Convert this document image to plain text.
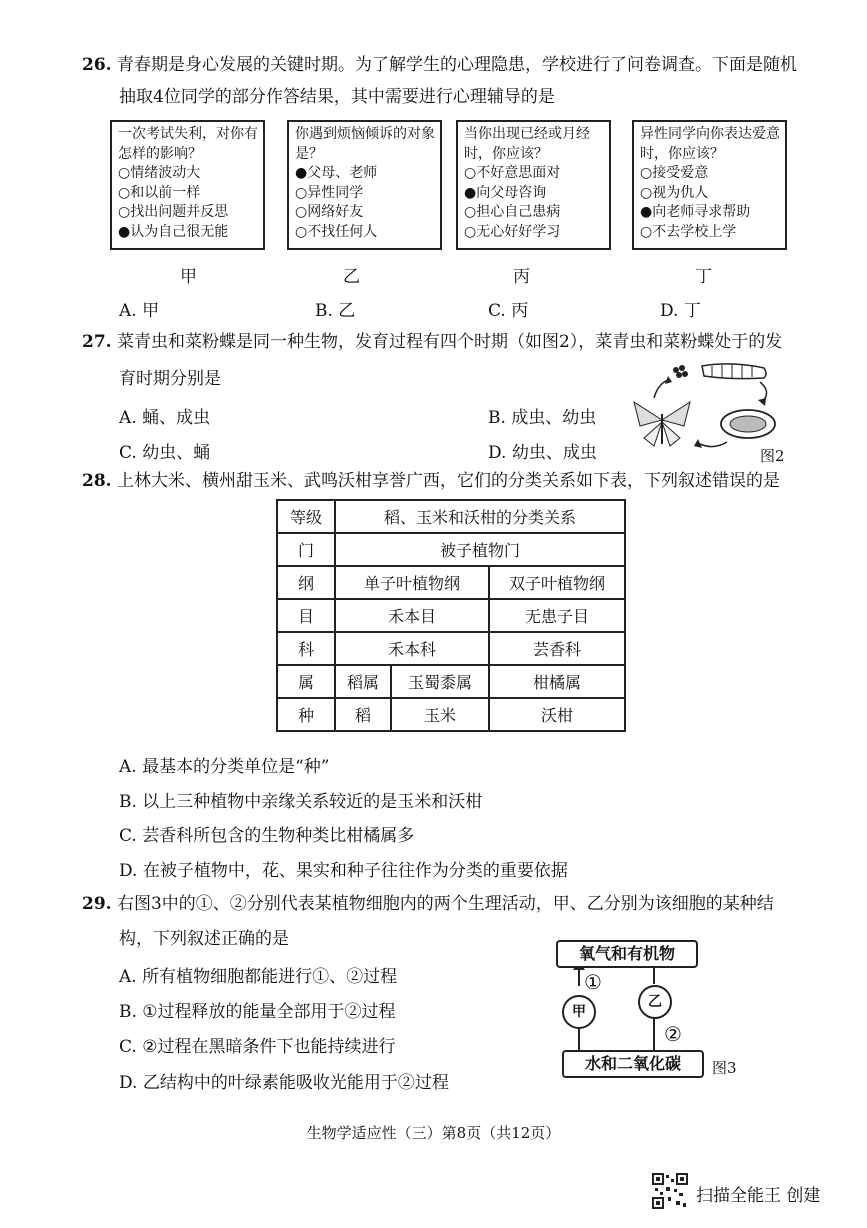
26. 青春期是身心发展的关键时期。为了解学生的心理隐患，学校进行了问卷调查。下面是随机
抽取4位同学的部分作答结果，其中需要进行心理辅导的是
一次考试失利，对你有
怎样的影响？
○情绪波动大
○和以前一样
○找出问题并反思
●认为自己很无能
你遇到烦恼倾诉的对象
是？
●父母、老师
○异性同学
○网络好友
○不找任何人
当你出现已经或月经
时，你应该？
○不好意思面对
●向父母咨询
○担心自己患病
○无心好好学习
异性同学向你表达爱意
时，你应该？
○接受爱意
○视为仇人
●向老师寻求帮助
○不去学校上学
甲	乙	丙	丁
A. 甲	B. 乙	C. 丙	D. 丁
27. 菜青虫和菜粉蝶是同一种生物，发育过程有四个时期（如图2），菜青虫和菜粉蝶处于的发
育时期分别是
A. 蛹、成虫	B. 成虫、幼虫
C. 幼虫、蛹	D. 幼虫、成虫	图2
28. 上林大米、横州甜玉米、武鸣沃柑享誉广西，它们的分类关系如下表，下列叙述错误的是
等级	稻、玉米和沃柑的分类关系		
门	被子植物门		
纲	单子叶植物纲		双子叶植物纲
目	禾本目		无患子目
科	禾本科		芸香科
属	稻属	玉蜀黍属	柑橘属
种	稻	玉米	沃柑
A. 最基本的分类单位是“种”
B. 以上三种植物中亲缘关系较近的是玉米和沃柑
C. 芸香科所包含的生物种类比柑橘属多
D. 在被子植物中，花、果实和种子往往作为分类的重要依据
29. 右图3中的①、②分别代表某植物细胞内的两个生理活动，甲、乙分别为该细胞的某种结
构，下列叙述正确的是
A. 所有植物细胞都能进行①、②过程
B. ①过程释放的能量全部用于②过程
C. ②过程在黑暗条件下也能持续进行
D. 乙结构中的叶绿素能吸收光能用于②过程
氧气和有机物
水和二氧化碳
甲
乙
①
②
图3
生物学适应性（三）第8页（共12页）
扫描全能王 创建
